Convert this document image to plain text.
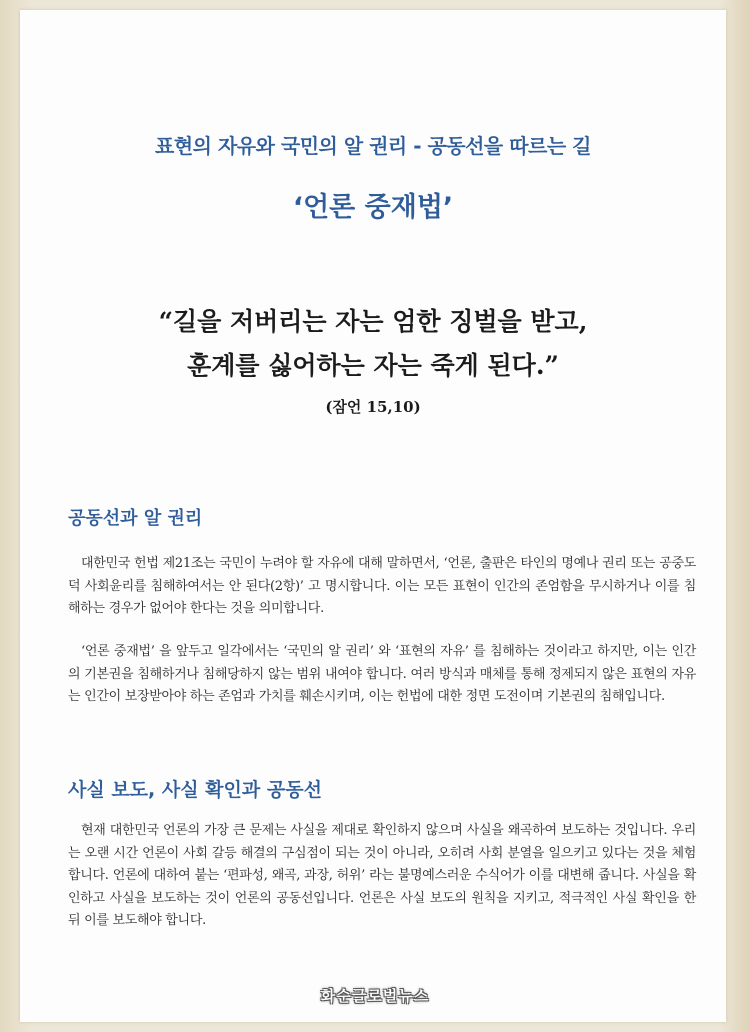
표현의 자유와 국민의 알 권리 - 공동선을 따르는 길
‘언론 중재법’
“길을 저버리는 자는 엄한 징벌을 받고,
훈계를 싫어하는 자는 죽게 된다.”
(잠언 15,10)
공동선과 알 권리
대한민국 헌법 제21조는 국민이 누려야 할 자유에 대해 말하면서, ‘언론, 출판은 타인의 명예나 권리 또는 공중도덕 사회윤리를 침해하여서는 안 된다(2항)’ 고 명시합니다. 이는 모든 표현이 인간의 존엄함을 무시하거나 이를 침해하는 경우가 없어야 한다는 것을 의미합니다.
‘언론 중재법’ 을 앞두고 일각에서는 ‘국민의 알 권리’ 와 ‘표현의 자유’ 를 침해하는 것이라고 하지만, 이는 인간의 기본권을 침해하거나 침해당하지 않는 범위 내여야 합니다. 여러 방식과 매체를 통해 정제되지 않은 표현의 자유는 인간이 보장받아야 하는 존엄과 가치를 훼손시키며, 이는 헌법에 대한 정면 도전이며 기본권의 침해입니다.
사실 보도, 사실 확인과 공동선
현재 대한민국 언론의 가장 큰 문제는 사실을 제대로 확인하지 않으며 사실을 왜곡하여 보도하는 것입니다. 우리는 오랜 시간 언론이 사회 갈등 해결의 구심점이 되는 것이 아니라, 오히려 사회 분열을 일으키고 있다는 것을 체험합니다. 언론에 대하여 붙는 ‘편파성, 왜곡, 과장, 허위’ 라는 불명예스러운 수식어가 이를 대변해 줍니다. 사실을 확인하고 사실을 보도하는 것이 언론의 공동선입니다. 언론은 사실 보도의 원칙을 지키고, 적극적인 사실 확인을 한 뒤 이를 보도해야 합니다.
화순글로벌뉴스
